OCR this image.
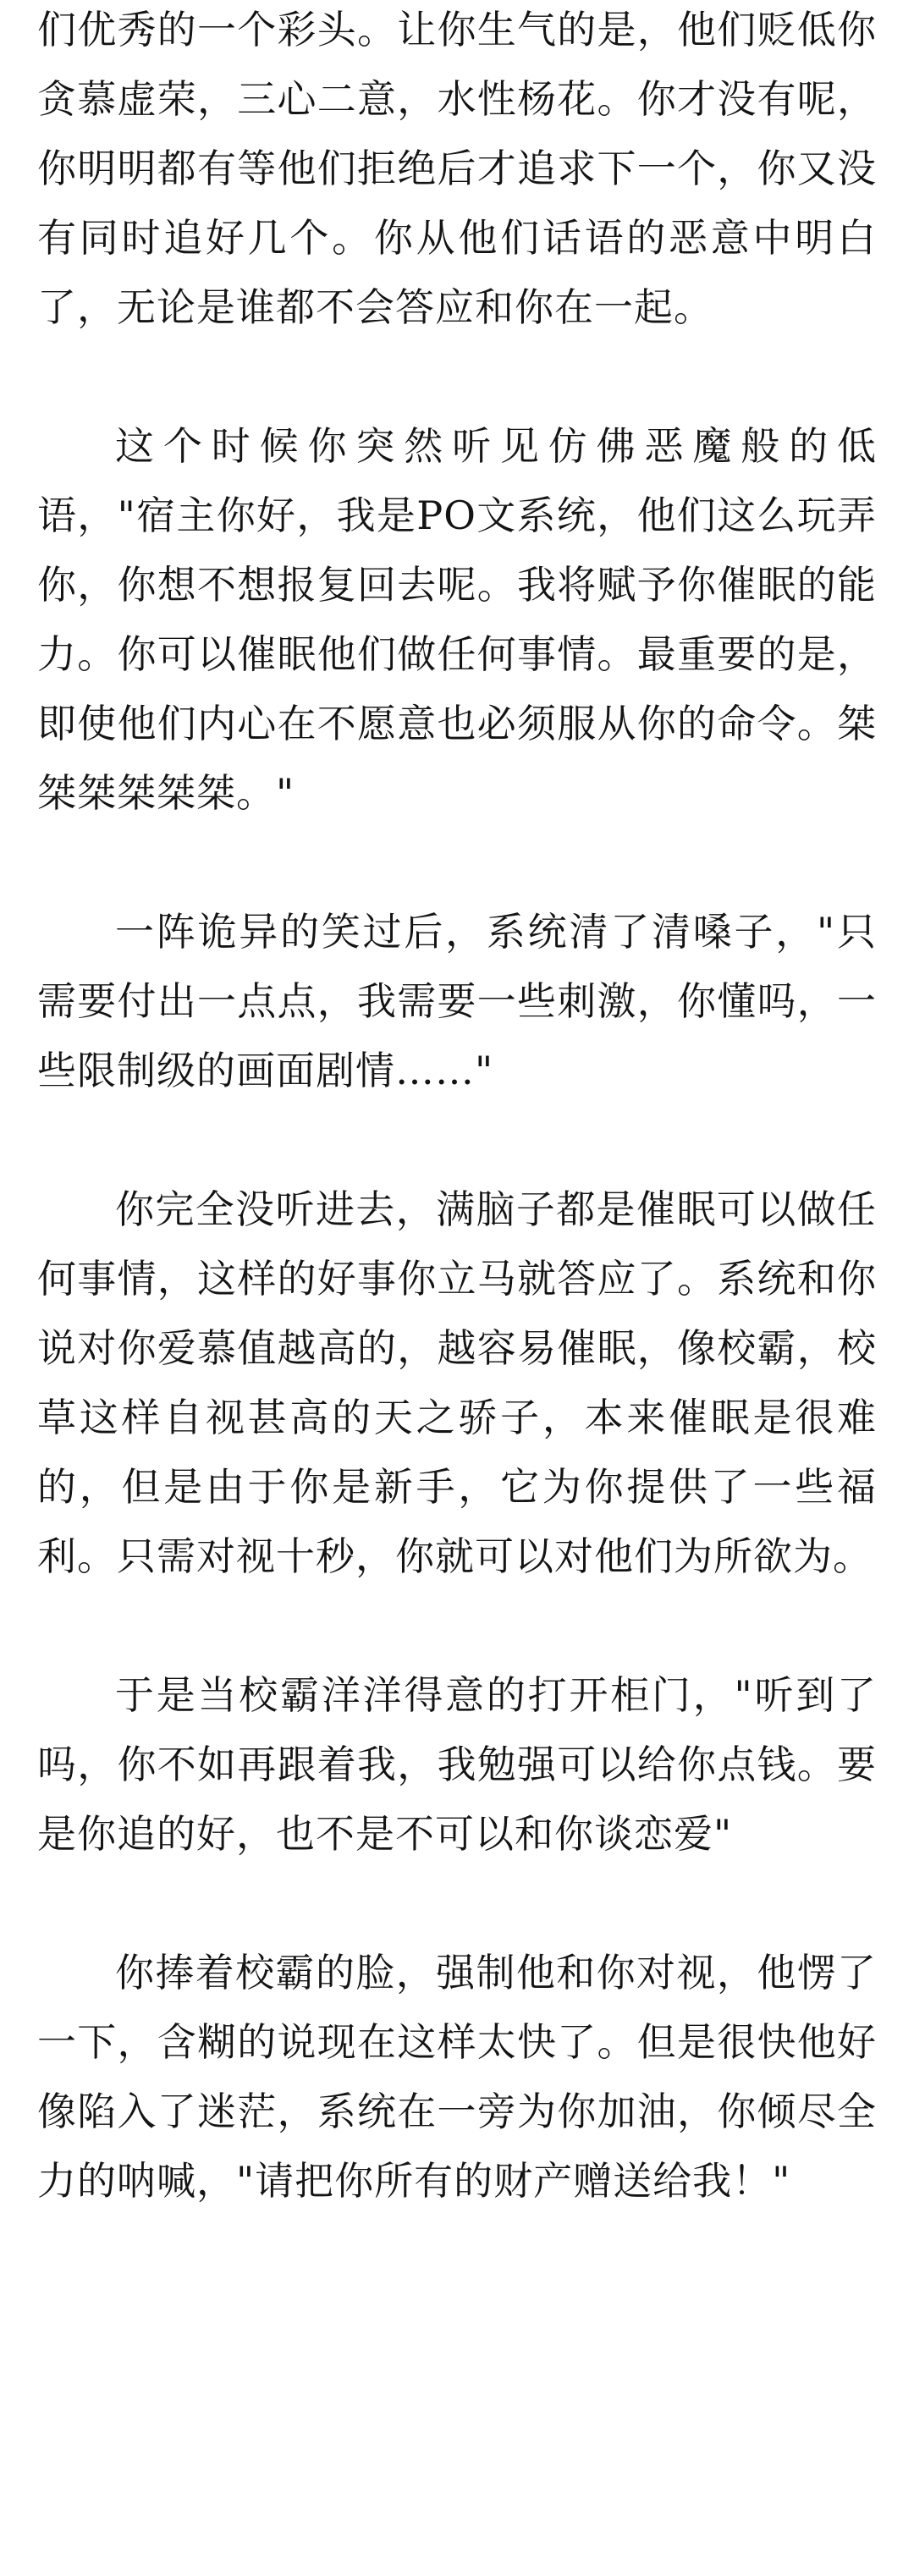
们优秀的一个彩头。让你生气的是，他们贬低你贪慕虚荣，三心二意，水性杨花。你才没有呢，你明明都有等他们拒绝后才追求下一个，你又没有同时追好几个。你从他们话语的恶意中明白了，无论是谁都不会答应和你在一起。

这个时候你突然听见仿佛恶魔般的低语，"宿主你好，我是PO文系统，他们这么玩弄你，你想不想报复回去呢。我将赋予你催眠的能力。你可以催眠他们做任何事情。最重要的是，即使他们内心在不愿意也必须服从你的命令。桀桀桀桀桀桀。"

一阵诡异的笑过后，系统清了清嗓子，"只需要付出一点点，我需要一些刺激，你懂吗，一些限制级的画面剧情……"

你完全没听进去，满脑子都是催眠可以做任何事情，这样的好事你立马就答应了。系统和你说对你爱慕值越高的，越容易催眠，像校霸，校草这样自视甚高的天之骄子，本来催眠是很难的，但是由于你是新手，它为你提供了一些福利。只需对视十秒，你就可以对他们为所欲为。

于是当校霸洋洋得意的打开柜门，"听到了吗，你不如再跟着我，我勉强可以给你点钱。要是你追的好，也不是不可以和你谈恋爱"

你捧着校霸的脸，强制他和你对视，他愣了一下，含糊的说现在这样太快了。但是很快他好像陷入了迷茫，系统在一旁为你加油，你倾尽全力的呐喊，"请把你所有的财产赠送给我！"
